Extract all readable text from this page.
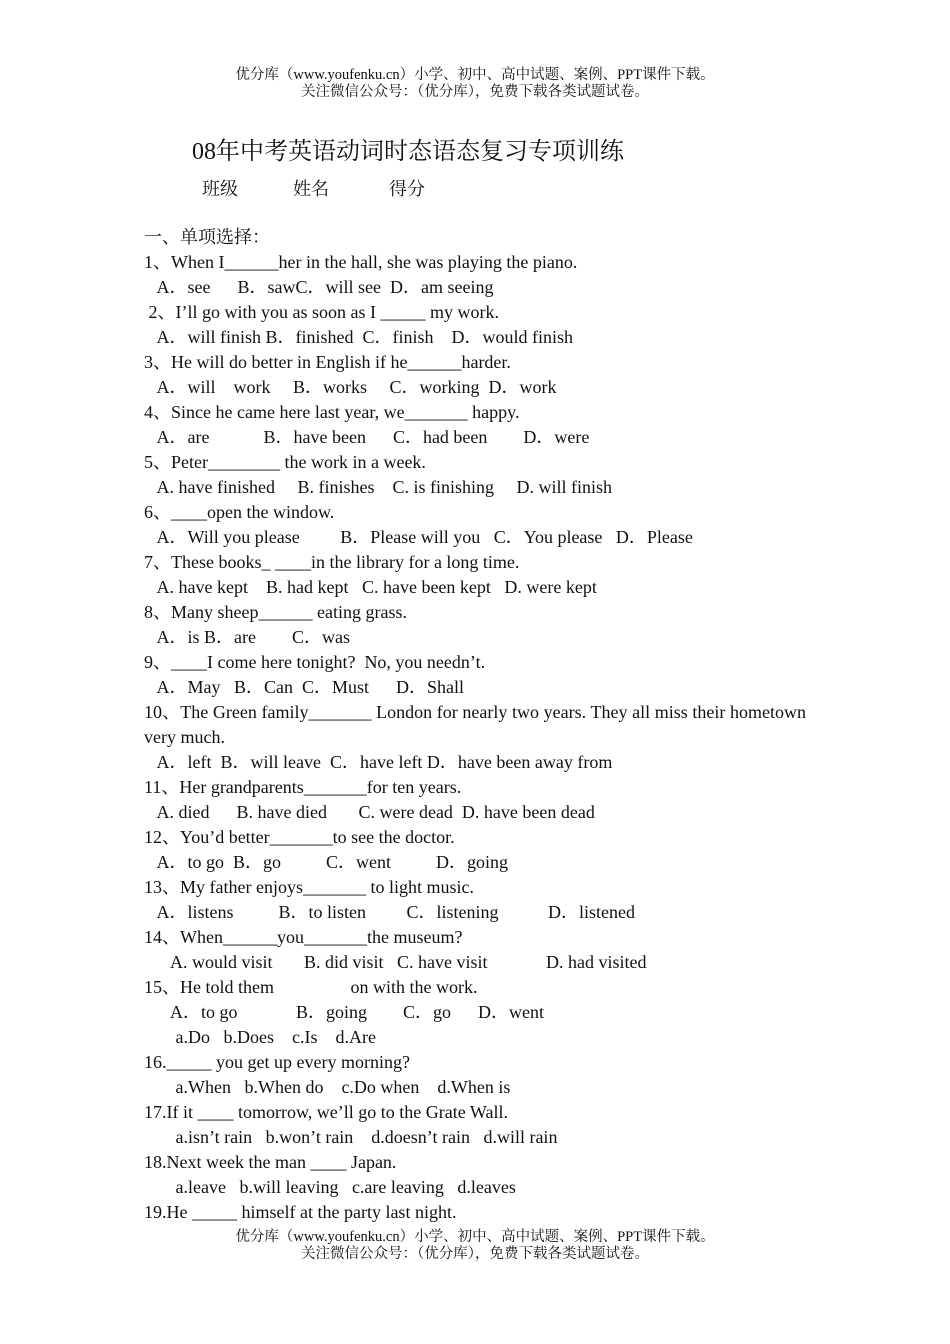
优分库（www.youfenku.cn）小学、初中、高中试题、案例、PPT课件下载。
关注微信公众号：（优分库），免费下载各类试题试卷。
08年中考英语动词时态语态复习专项训练
班级	姓名	得分
一、单项选择：
1、When I______her in the hall, she was playing the piano.
A．see      B．sawC．will see  D．am seeing
2、I’ll go with you as soon as I _____ my work.
A．will finish B．finished  C．finish    D．would finish
3、He will do better in English if he______harder.
A．will    work     B．works     C．working  D．work
4、Since he came here last year, we_______ happy.
A．are            B．have been      C．had been        D．were
5、Peter________ the work in a week.
A. have finished     B. finishes    C. is finishing     D. will finish
6、____open the window.
A．Will you please         B．Please will you   C．You please   D．Please
7、These books_ ____in the library for a long time.
A. have kept    B. had kept   C. have been kept   D. were kept
8、Many sheep______ eating grass.
A．is B．are        C．was
9、____I come here tonight?  No, you needn’t.
A．May   B．Can  C．Must      D．Shall
10、The Green family_______ London for nearly two years. They all miss their hometown very much.
A．left  B．will leave  C．have left D．have been away from
11、Her grandparents_______for ten years.
A. died      B. have died       C. were dead  D. have been dead
12、You’d better_______to see the doctor.
A．to go  B．go          C．went          D．going
13、My father enjoys_______ to light music.
A．listens          B．to listen         C．listening           D．listened
14、When______you_______the museum?
A. would visit       B. did visit   C. have visit             D. had visited
15、He told them                 on with the work.
A．to go             B．going        C．go      D．went
a.Do   b.Does    c.Is    d.Are
16._____ you get up every morning?
a.When   b.When do    c.Do when    d.When is
17.If it ____ tomorrow, we’ll go to the Grate Wall.
a.isn’t rain   b.won’t rain    d.doesn’t rain   d.will rain
18.Next week the man ____ Japan.
a.leave   b.will leaving   c.are leaving   d.leaves
19.He _____ himself at the party last night.
优分库（www.youfenku.cn）小学、初中、高中试题、案例、PPT课件下载。
关注微信公众号：（优分库），免费下载各类试题试卷。
